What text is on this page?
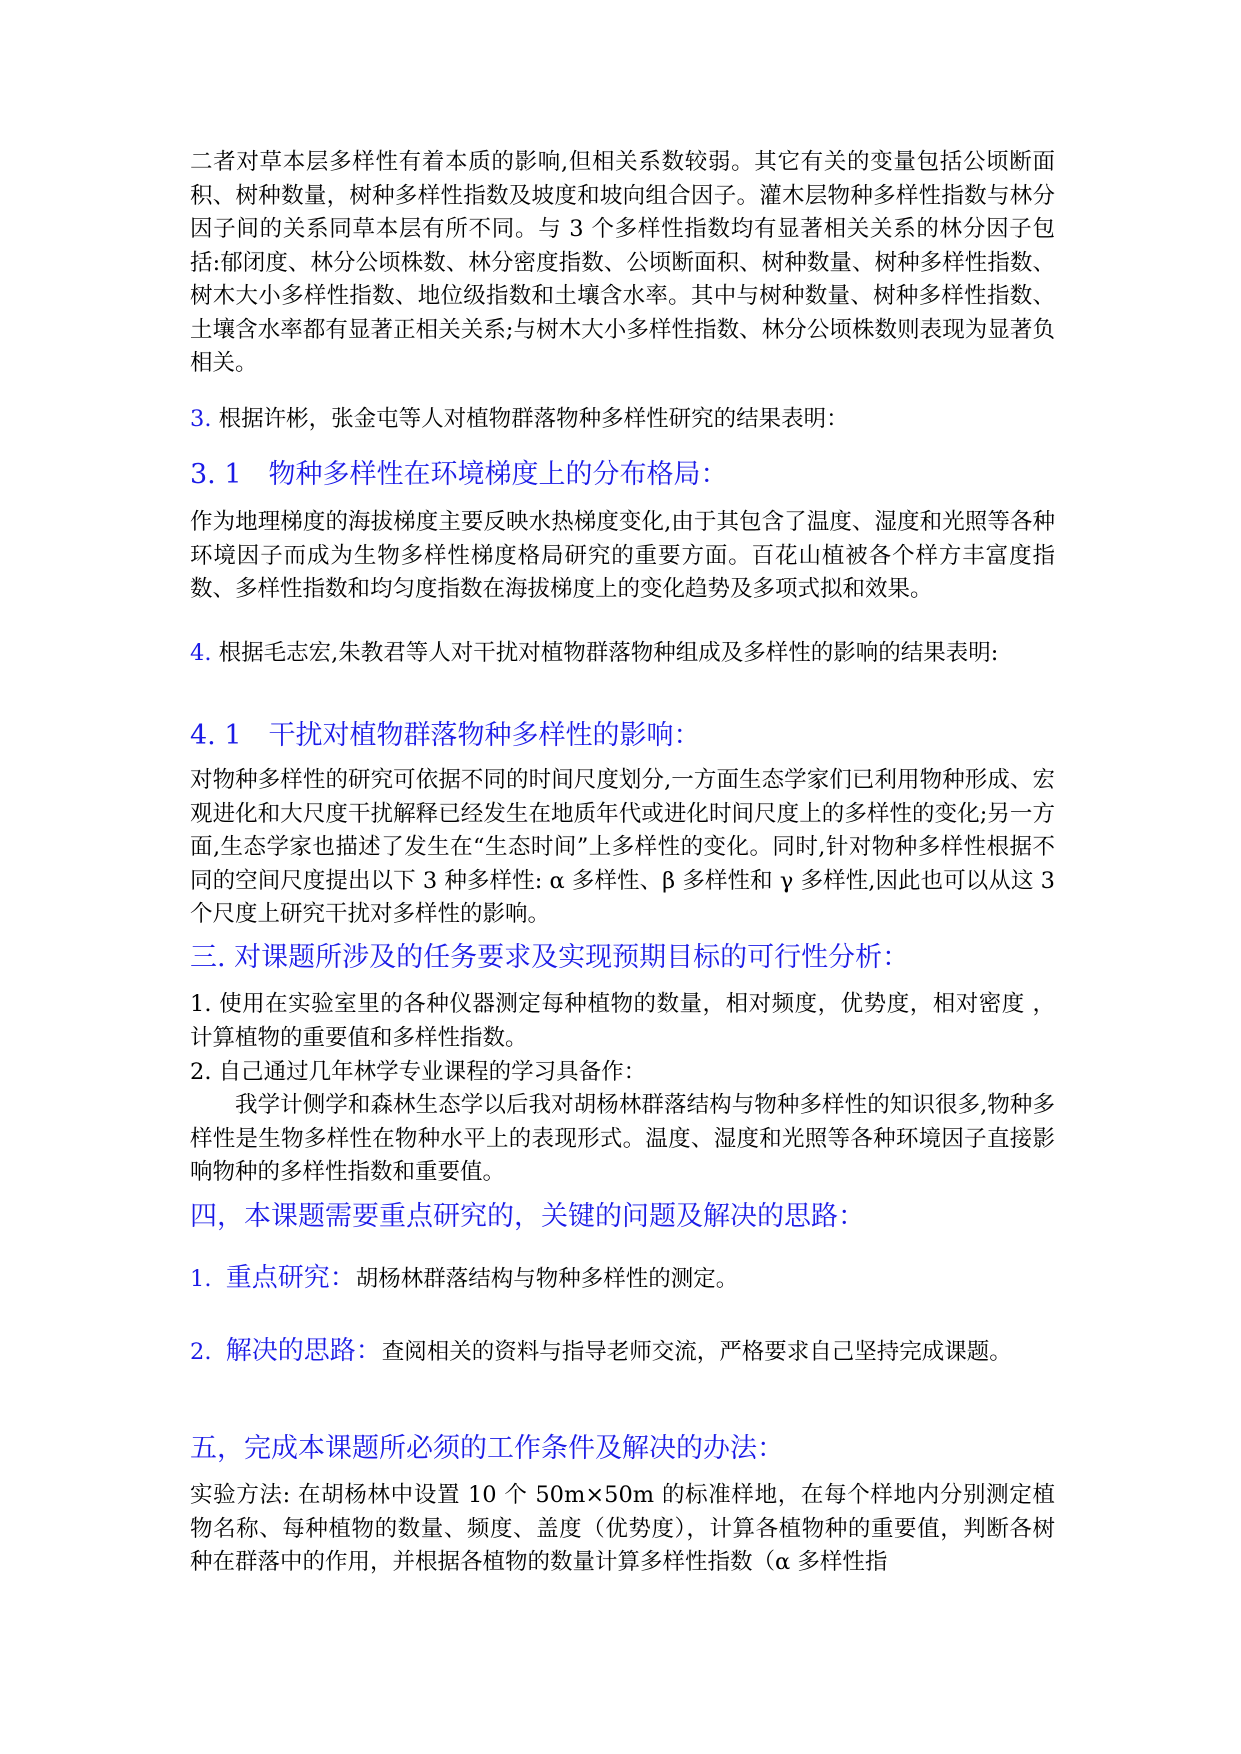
二者对草本层多样性有着本质的影响,但相关系数较弱。其它有关的变量包括公顷断面积、树种数量，树种多样性指数及坡度和坡向组合因子。灌木层物种多样性指数与林分因子间的关系同草本层有所不同。与 3 个多样性指数均有显著相关关系的林分因子包括:郁闭度、林分公顷株数、林分密度指数、公顷断面积、树种数量、树种多样性指数、树木大小多样性指数、地位级指数和土壤含水率。其中与树种数量、树种多样性指数、土壤含水率都有显著正相关关系;与树木大小多样性指数、林分公顷株数则表现为显著负相关。

3. 根据许彬，张金屯等人对植物群落物种多样性研究的结果表明：

3. 1　物种多样性在环境梯度上的分布格局：

作为地理梯度的海拔梯度主要反映水热梯度变化,由于其包含了温度、湿度和光照等各种环境因子而成为生物多样性梯度格局研究的重要方面。百花山植被各个样方丰富度指数、多样性指数和均匀度指数在海拔梯度上的变化趋势及多项式拟和效果。

4. 根据毛志宏,朱教君等人对干扰对植物群落物种组成及多样性的影响的结果表明:

4. 1　干扰对植物群落物种多样性的影响：

对物种多样性的研究可依据不同的时间尺度划分,一方面生态学家们已利用物种形成、宏观进化和大尺度干扰解释已经发生在地质年代或进化时间尺度上的多样性的变化;另一方面,生态学家也描述了发生在“生态时间”上多样性的变化。同时,针对物种多样性根据不同的空间尺度提出以下 3 种多样性: α 多样性、β 多样性和 γ 多样性,因此也可以从这 3 个尺度上研究干扰对多样性的影响。

三. 对课题所涉及的任务要求及实现预期目标的可行性分析：

1. 使用在实验室里的各种仪器测定每种植物的数量，相对频度，优势度，相对密度 ，计算植物的重要值和多样性指数。

2. 自己通过几年林学专业课程的学习具备作：

我学计侧学和森林生态学以后我对胡杨林群落结构与物种多样性的知识很多,物种多样性是生物多样性在物种水平上的表现形式。温度、湿度和光照等各种环境因子直接影响物种的多样性指数和重要值。

四，本课题需要重点研究的，关键的问题及解决的思路：

1. 重点研究：胡杨林群落结构与物种多样性的测定。

2. 解决的思路：查阅相关的资料与指导老师交流，严格要求自己坚持完成课题。

五，完成本课题所必须的工作条件及解决的办法：

实验方法: 在胡杨林中设置 10 个 50m×50m 的标准样地，在每个样地内分别测定植物名称、每种植物的数量、频度、盖度（优势度），计算各植物种的重要值，判断各树种在群落中的作用，并根据各植物的数量计算多样性指数（α 多样性指
